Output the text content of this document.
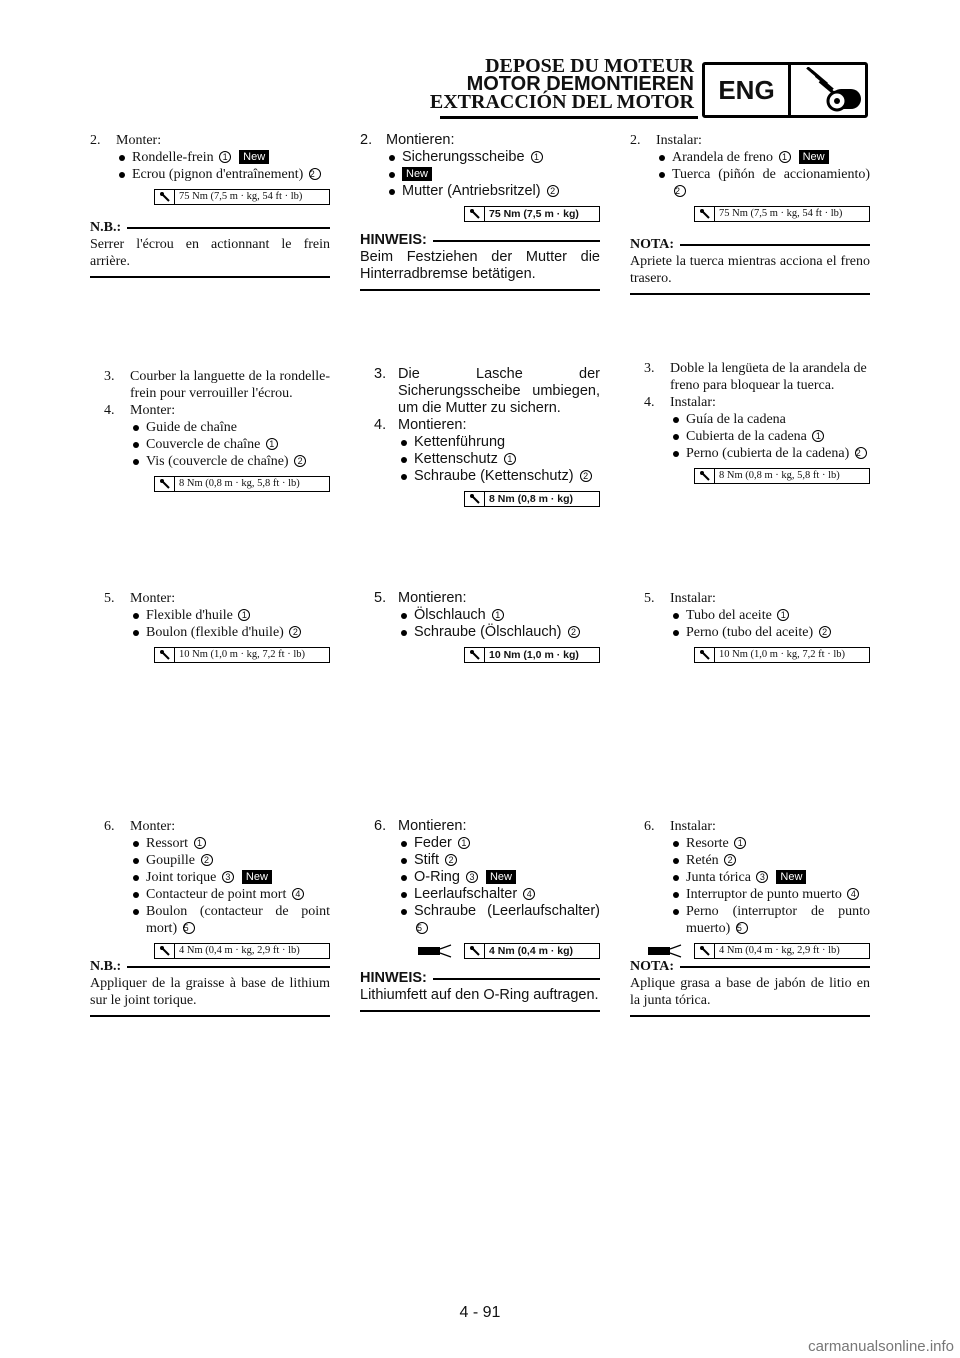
DEPOSE DU MOTEUR
MOTOR DEMONTIEREN
EXTRACCIÓN DEL MOTOR ENG
2. Monter:
Rondelle-frein 1 New
Ecrou (pignon d'entraînement) 2
75 Nm (7,5 m · kg, 54 ft · lb)
N.B.:
Serrer l'écrou en actionnant le frein arrière.
3. Courber la languette de la rondelle-frein pour verrouiller l'écrou.
4. Monter:
Guide de chaîne
Couvercle de chaîne 1
Vis (couvercle de chaîne) 2
8 Nm (0,8 m · kg, 5,8 ft · lb)
5. Monter:
Flexible d'huile 1
Boulon (flexible d'huile) 2
10 Nm (1,0 m · kg, 7,2 ft · lb)
6. Monter:
Ressort 1
Goupille 2
Joint torique 3 New
Contacteur de point mort 4
Boulon (contacteur de point mort) 5
4 Nm (0,4 m · kg, 2,9 ft · lb)
N.B.:
Appliquer de la graisse à base de lithium sur le joint torique.
2. Montieren:
Sicherungsscheibe 1
New
Mutter (Antriebsritzel) 2
75 Nm (7,5 m · kg)
HINWEIS:
Beim Festziehen der Mutter die Hinterradbremse betätigen.
3. Die Lasche der Sicherungsscheibe umbiegen, um die Mutter zu sichern.
4. Montieren:
Kettenführung
Kettenschutz 1
Schraube (Kettenschutz) 2
8 Nm (0,8 m · kg)
5. Montieren:
Ölschlauch 1
Schraube (Ölschlauch) 2
10 Nm (1,0 m · kg)
6. Montieren:
Feder 1
Stift 2
O-Ring 3 New
Leerlaufschalter 4
Schraube (Leerlaufschalter) 5
4 Nm (0,4 m · kg)
HINWEIS:
Lithiumfett auf den O-Ring auftragen.
2. Instalar:
Arandela de freno 1 New
Tuerca (piñón de accionamiento) 2
75 Nm (7,5 m · kg, 54 ft · lb)
NOTA:
Apriete la tuerca mientras acciona el freno trasero.
3. Doble la lengüeta de la arandela de freno para bloquear la tuerca.
4. Instalar:
Guía de la cadena
Cubierta de la cadena 1
Perno (cubierta de la cadena) 2
8 Nm (0,8 m · kg, 5,8 ft · lb)
5. Instalar:
Tubo del aceite 1
Perno (tubo del aceite) 2
10 Nm (1,0 m · kg, 7,2 ft · lb)
6. Instalar:
Resorte 1
Retén 2
Junta tórica 3 New
Interruptor de punto muerto 4
Perno (interruptor de punto muerto) 5
4 Nm (0,4 m · kg, 2,9 ft · lb)
NOTA:
Aplique grasa a base de jabón de litio en la junta tórica.
4 - 91
carmanualsonline.info
